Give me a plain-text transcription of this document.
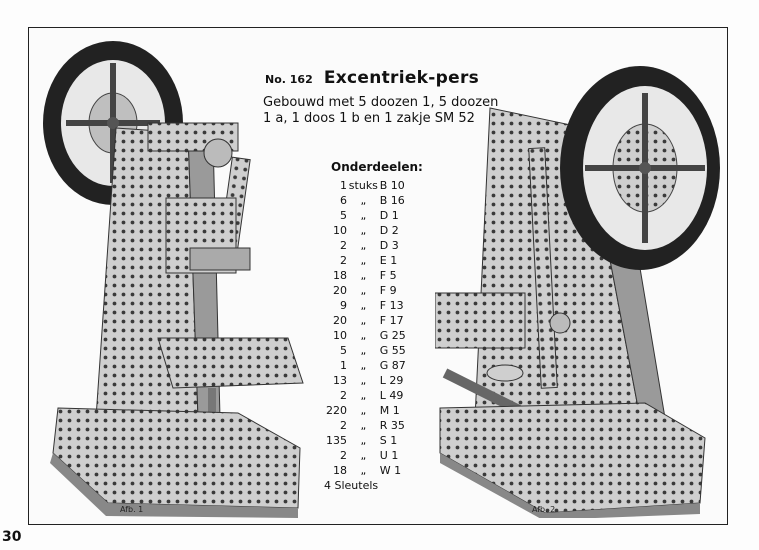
Afb. 1	Afb. 2
No. 162 Excentriek-pers
Gebouwd met 5 doozen 1, 5 doozen 1 a, 1 doos 1 b en 1 zakje SM 52
Onderdeelen:
1 stuks B 10
6	„	B 16
5	„	D 1
10	„	D 2
2	„	D 3
2	„	E 1
18	„	F 5
20	„	F 9
9	„	F 13
20	„	F 17
10	„	G 25
5	„	G 55
1	„	G 87
13	„	L 29
2	„	L 49
220	„	M 1
2	„	R 35
135	„	S 1
2	„	U 1
18	„	W 1
4 Sleutels
30
